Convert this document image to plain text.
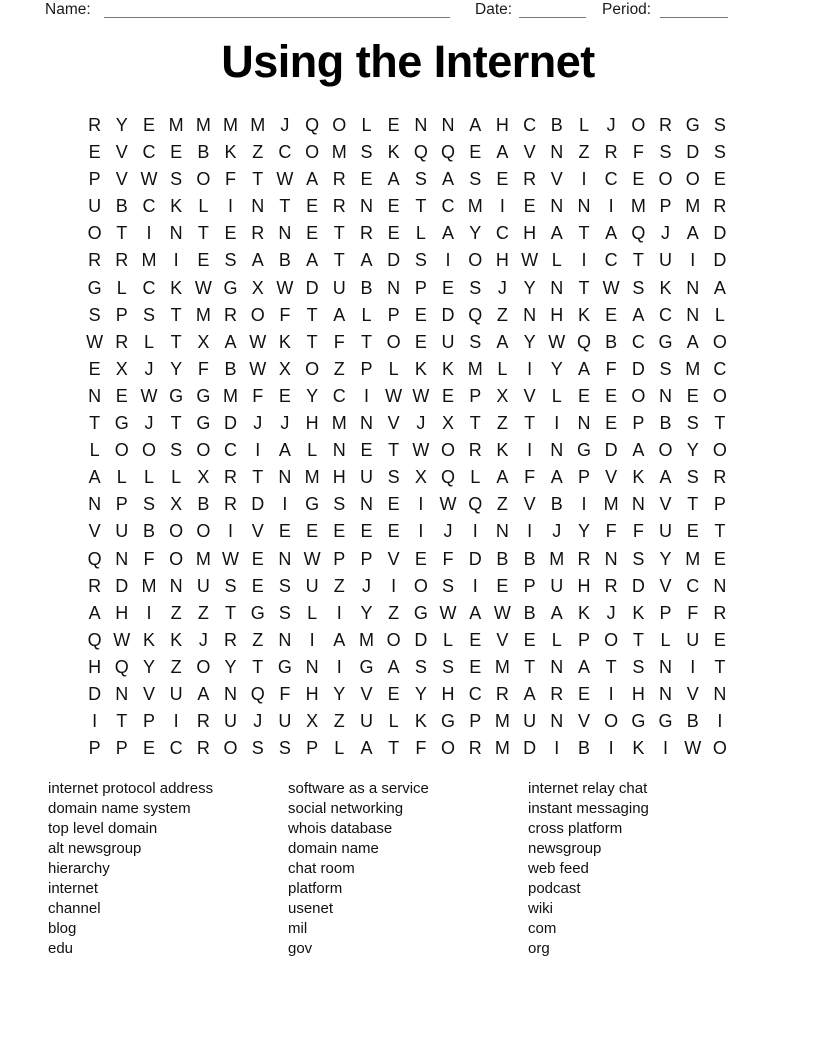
Name:	Date:	Period:
Using the Internet
R Y E M M M M J Q O L E N N A H C B L J O R G S
E V C E B K Z C O M S K Q Q E A V N Z R F S D S
P V W S O F T W A R E A S A S E R V	I	C E O O E
U B C K L	I	N T E R N E T C M I	E N N	I M P M R
O T	I	N T E R N E T R E L A Y C H A T A Q J A D
R R M I	E S A B A T A D S	I O H W L	I	C T U	I	D
G L C K W G X W D U B N P E S J Y N T W S K N A
S P S T M R O F T A L P E D Q Z N H K E A C N L
W R L T X A W K T F T O E U S A Y W Q B C G A O
E X J Y F B W X O Z P L K K M L	I	Y A F D S M C
N E W G G M F E Y C	I W W E P X V L E E O N E O
T G J T G D J	J H M N V J X T Z T	I	N E P B S T
L O O S O C	I	A L N E T W O R K	I	N G D A O Y O
A L L L X R T N M H U S X Q L A F A P V K A S R
N P S X B R D	I G S N E	I W Q Z V B	I M N V T P
V U B O O I	V E E E E E	I	J	I	N	I	J Y F F U E T
Q N F O M W E N W P P V E F D B B M R N S Y M E
R D M N U S E S U Z J	I O S	I	E P U H R D V C N
A H	I	Z Z T G S L	I	Y Z G W A W B A K J K P F R
Q W K K J R Z N	I	A M O D L E V E L P O T L U E
H Q Y Z O Y T G N	I G A S S E M T N A T S N	I	T
D N V U A N Q F H Y V E Y H C R A R E	I	H N V N
I	T P	I	R U J U X Z U L K G P M U N V O G G B	I
P P E C R O S S P L A T F O R M D	I	B	I	K	I W O
internet protocol address
domain name system
top level domain
alt newsgroup
hierarchy
internet
channel
blog
edu
software as a service
social networking
whois database
domain name
chat room
platform
usenet
mil
gov
internet relay chat
instant messaging
cross platform
newsgroup
web feed
podcast
wiki
com
org
